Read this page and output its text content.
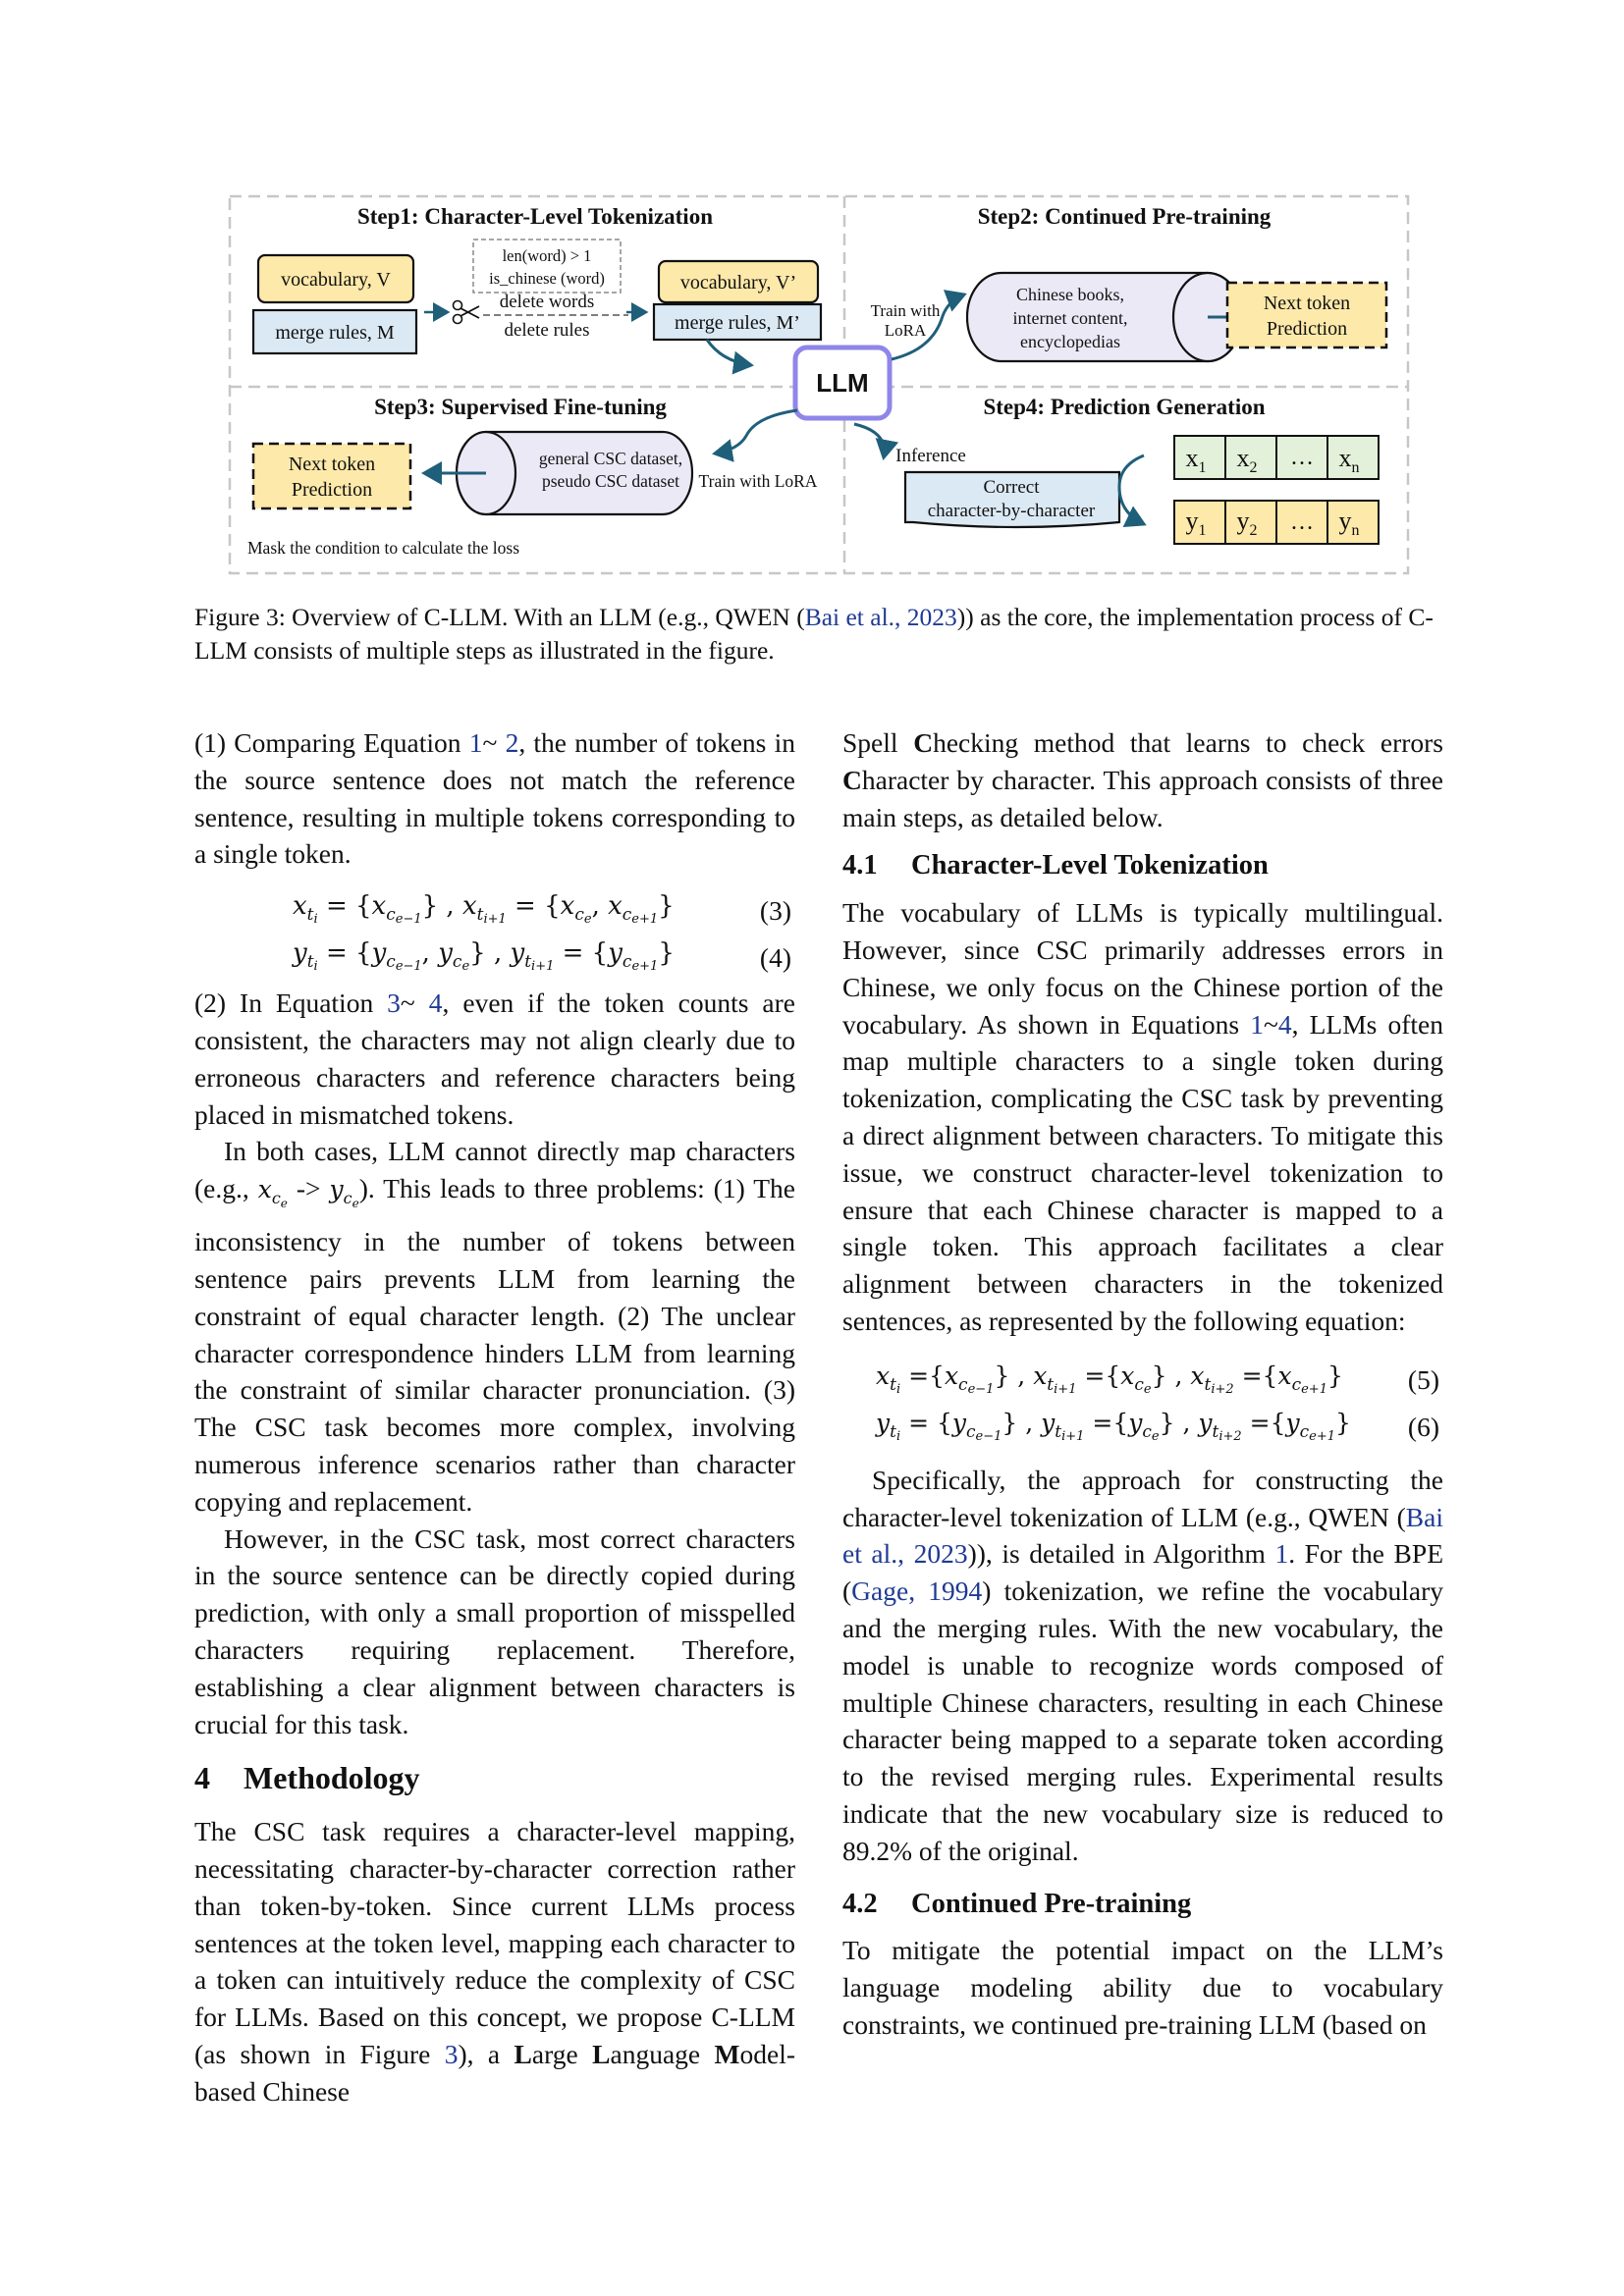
Step1: Character-Level Tokenization
vocabulary, V
merge rules, M
len(word) > 1
is_chinese (word)
delete words
delete rules
vocabulary, V’
merge rules, M’
LLM
Step2: Continued Pre-training
Train with
LoRA
Chinese books,
internet content,
encyclopedias
Next token
Prediction
Step3: Supervised Fine-tuning
Next token
Prediction
general CSC dataset,
pseudo CSC dataset Train with LoRA
Mask the condition to calculate the loss
Step4: Prediction Generation
Inference
Correct
character-by-character
$x_1$ $x_2$ … $x_n$
$y_1$ $y_2$ … $y_n$
Figure 3: Overview of C-LLM. With an LLM (e.g., QWEN (Bai et al., 2023)) as the core, the implementation process of C-LLM consists of multiple steps as illustrated in the figure.

(1) Comparing Equation 1~ 2, the number of tokens in the source sentence does not match the reference sentence, resulting in multiple tokens corresponding to a single token.

$x_{t_i} = \{x_{c_{e-1}}\}$ , $x_{t_{i+1}} = \{x_{c_e}$, $x_{c_{e+1}}$}	(3)
$y_{t_i} = \{y_{c_{e-1}}$, $y_{c_e}$} , $y_{t_{i+1}} = \{y_{c_{e+1}}\}$	(4)

(2) In Equation 3~ 4, even if the token counts are consistent, the characters may not align clearly due to erroneous characters and reference characters being placed in mismatched tokens.

In both cases, LLM cannot directly map characters (e.g., $x_{c_e} -> y_{c_e}$). This leads to three problems: (1) The inconsistency in the number of tokens between sentence pairs prevents LLM from learning the constraint of equal character length. (2) The unclear character correspondence hinders LLM from learning the constraint of similar character pronunciation. (3) The CSC task becomes more complex, involving numerous inference scenarios rather than character copying and replacement.

However, in the CSC task, most correct characters in the source sentence can be directly copied during prediction, with only a small proportion of misspelled characters requiring replacement. Therefore, establishing a clear alignment between characters is crucial for this task.

4 Methodology

The CSC task requires a character-level mapping, necessitating character-by-character correction rather than token-by-token. Since current LLMs process sentences at the token level, mapping each character to a token can intuitively reduce the complexity of CSC for LLMs. Based on this concept, we propose C-LLM (as shown in Figure 3), a Large Language Model-based Chinese

Spell Checking method that learns to check errors Character by character. This approach consists of three main steps, as detailed below.

4.1 Character-Level Tokenization

The vocabulary of LLMs is typically multilingual. However, since CSC primarily addresses errors in Chinese, we only focus on the Chinese portion of the vocabulary. As shown in Equations 1~4, LLMs often map multiple characters to a single token during tokenization, complicating the CSC task by preventing a direct alignment between characters. To mitigate this issue, we construct character-level tokenization to ensure that each Chinese character is mapped to a single token. This approach facilitates a clear alignment between characters in the tokenized sentences, as represented by the following equation:

$x_{t_i} =\{x_{c_{e-1}}\}$ , $x_{t_{i+1}} =\{x_{c_e}\}$ , $x_{t_{i+2}} =\{x_{c_{e+1}}\}$ (5)
$y_{t_i} = \{y_{c_{e-1}}\}$ , $y_{t_{i+1}} =\{y_{c_e}\}$ , $y_{t_{i+2}} =\{y_{c_{e+1}}\}$ (6)

Specifically, the approach for constructing the character-level tokenization of LLM (e.g., QWEN (Bai et al., 2023)), is detailed in Algorithm 1. For the BPE (Gage, 1994) tokenization, we refine the vocabulary and the merging rules. With the new vocabulary, the model is unable to recognize words composed of multiple Chinese characters, resulting in each Chinese character being mapped to a separate token according to the revised merging rules. Experimental results indicate that the new vocabulary size is reduced to 89.2% of the original.

4.2 Continued Pre-training

To mitigate the potential impact on the LLM’s language modeling ability due to vocabulary constraints, we continued pre-training LLM (based on
